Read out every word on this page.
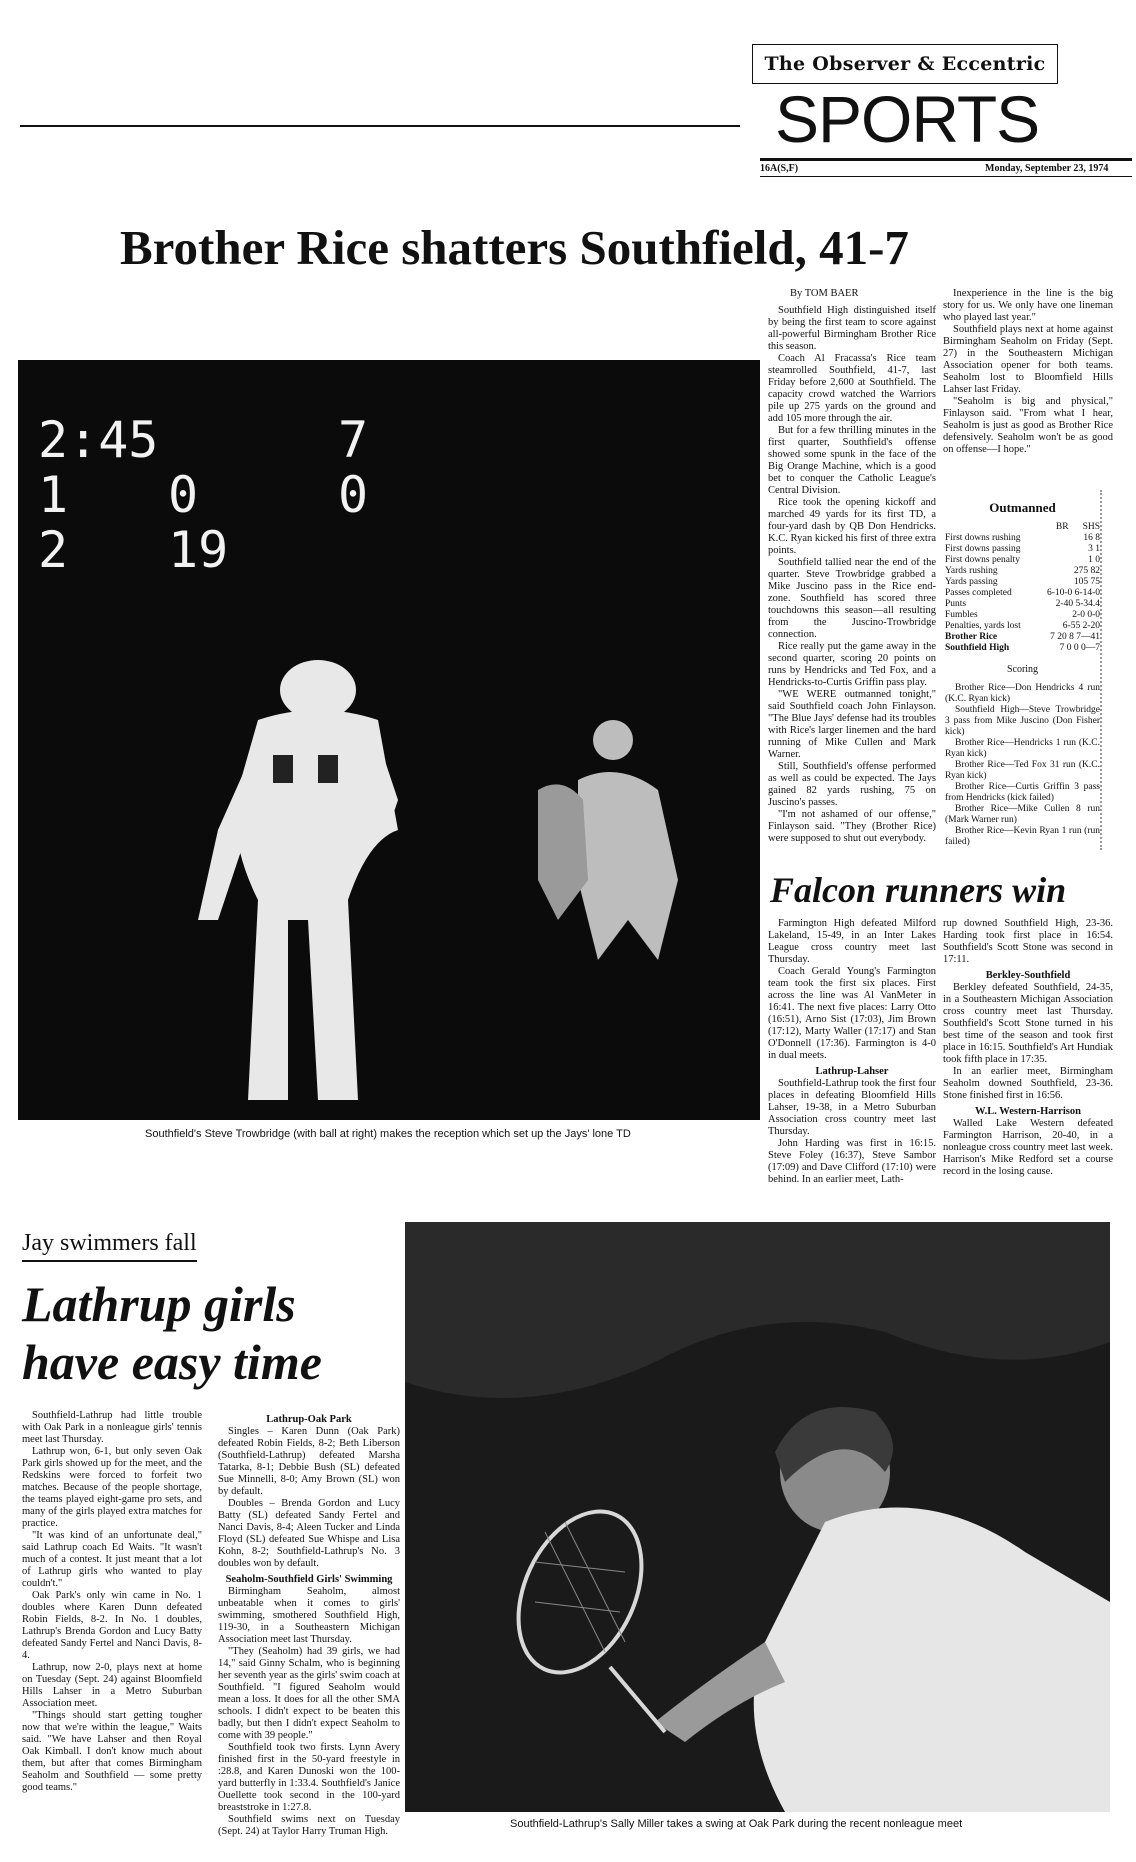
The Observer & Eccentric
SPORTS
16A(S,F)	Monday, September 23, 1974
Brother Rice shatters Southfield, 41-7
2:45	7
1 0	0
2 19
Southfield's Steve Trowbridge (with ball at right) makes the reception which set up the Jays' lone TD
By TOM BAER

Southfield High distinguished itself by being the first team to score against all-powerful Birmingham Brother Rice this season.

Coach Al Fracassa's Rice team steamrolled Southfield, 41-7, last Friday before 2,600 at Southfield. The capacity crowd watched the Warriors pile up 275 yards on the ground and add 105 more through the air.

But for a few thrilling minutes in the first quarter, Southfield's offense showed some spunk in the face of the Big Orange Machine, which is a good bet to conquer the Catholic League's Central Division.

Rice took the opening kickoff and marched 49 yards for its first TD, a four-yard dash by QB Don Hendricks. K.C. Ryan kicked his first of three extra points.

Southfield tallied near the end of the quarter. Steve Trowbridge grabbed a Mike Juscino pass in the Rice end-zone. Southfield has scored three touchdowns this season—all resulting from the Juscino-Trowbridge connection.

Rice really put the game away in the second quarter, scoring 20 points on runs by Hendricks and Ted Fox, and a Hendricks-to-Curtis Griffin pass play.

"WE WERE outmanned tonight," said Southfield coach John Finlayson. "The Blue Jays' defense had its troubles with Rice's larger linemen and the hard running of Mike Cullen and Mark Warner.

Still, Southfield's offense performed as well as could be expected. The Jays gained 82 yards rushing, 75 on Juscino's passes.

"I'm not ashamed of our offense," Finlayson said. "They (Brother Rice) were supposed to shut out everybody.

Inexperience in the line is the big story for us. We only have one lineman who played last year."

Southfield plays next at home against Birmingham Seaholm on Friday (Sept. 27) in the Southeastern Michigan Association opener for both teams. Seaholm lost to Bloomfield Hills Lahser last Friday.

"Seaholm is big and physical," Finlayson said. "From what I hear, Seaholm is just as good as Brother Rice defensively. Seaholm won't be as good on offense—I hope."

Outmanned
BR SHS
First downs rushing	16 8
First downs passing	3 1
First downs penalty	1 0
Yards rushing	275 82
Yards passing	105 75
Passes completed	6-10-0 6-14-0
Punts	2-40 5-34.4
Fumbles	2-0 0-0
Penalties, yards lost	6-55 2-20
Brother Rice	7 20 8 7—41
Southfield High	7 0 0 0—7
Scoring

Brother Rice—Don Hendricks 4 run (K.C. Ryan kick)

Southfield High—Steve Trowbridge 3 pass from Mike Juscino (Don Fisher kick)

Brother Rice—Hendricks 1 run (K.C. Ryan kick)

Brother Rice—Ted Fox 31 run (K.C. Ryan kick)

Brother Rice—Curtis Griffin 3 pass from Hendricks (kick failed)

Brother Rice—Mike Cullen 8 run (Mark Warner run)

Brother Rice—Kevin Ryan 1 run (run failed)

Falcon runners win

Farmington High defeated Milford Lakeland, 15-49, in an Inter Lakes League cross country meet last Thursday.

Coach Gerald Young's Farmington team took the first six places. First across the line was Al VanMeter in 16:41. The next five places: Larry Otto (16:51), Arno Sist (17:03), Jim Brown (17:12), Marty Waller (17:17) and Stan O'Donnell (17:36). Farmington is 4-0 in dual meets.

Lathrup-Lahser

Southfield-Lathrup took the first four places in defeating Bloomfield Hills Lahser, 19-38, in a Metro Suburban Association cross country meet last Thursday.

John Harding was first in 16:15. Steve Foley (16:37), Steve Sambor (17:09) and Dave Clifford (17:10) were behind. In an earlier meet, Lath-

rup downed Southfield High, 23-36. Harding took first place in 16:54. Southfield's Scott Stone was second in 17:11.

Berkley-Southfield

Berkley defeated Southfield, 24-35, in a Southeastern Michigan Association cross country meet last Thursday. Southfield's Scott Stone turned in his best time of the season and took first place in 16:15. Southfield's Art Hundiak took fifth place in 17:35.

In an earlier meet, Birmingham Seaholm downed Southfield, 23-36. Stone finished first in 16:56.

W.L. Western-Harrison

Walled Lake Western defeated Farmington Harrison, 20-40, in a nonleague cross country meet last week. Harrison's Mike Redford set a course record in the losing cause.

Jay swimmers fall
Lathrup girls
have easy time

Southfield-Lathrup had little trouble with Oak Park in a nonleague girls' tennis meet last Thursday.

Lathrup won, 6-1, but only seven Oak Park girls showed up for the meet, and the Redskins were forced to forfeit two matches. Because of the people shortage, the teams played eight-game pro sets, and many of the girls played extra matches for practice.

"It was kind of an unfortunate deal," said Lathrup coach Ed Waits. "It wasn't much of a contest. It just meant that a lot of Lathrup girls who wanted to play couldn't."

Oak Park's only win came in No. 1 doubles where Karen Dunn defeated Robin Fields, 8-2. In No. 1 doubles, Lathrup's Brenda Gordon and Lucy Batty defeated Sandy Fertel and Nanci Davis, 8-4.

Lathrup, now 2-0, plays next at home on Tuesday (Sept. 24) against Bloomfield Hills Lahser in a Metro Suburban Association meet.

"Things should start getting tougher now that we're within the league," Waits said. "We have Lahser and then Royal Oak Kimball. I don't know much about them, but after that comes Birmingham Seaholm and Southfield — some pretty good teams."

Lathrup-Oak Park

Singles – Karen Dunn (Oak Park) defeated Robin Fields, 8-2; Beth Liberson (Southfield-Lathrup) defeated Marsha Tatarka, 8-1; Debbie Bush (SL) defeated Sue Minnelli, 8-0; Amy Brown (SL) won by default.

Doubles – Brenda Gordon and Lucy Batty (SL) defeated Sandy Fertel and Nanci Davis, 8-4; Aleen Tucker and Linda Floyd (SL) defeated Sue Whispe and Lisa Kohn, 8-2; Southfield-Lathrup's No. 3 doubles won by default.

Seaholm-Southfield Girls' Swimming

Birmingham Seaholm, almost unbeatable when it comes to girls' swimming, smothered Southfield High, 119-30, in a Southeastern Michigan Association meet last Thursday.

"They (Seaholm) had 39 girls, we had 14," said Ginny Schalm, who is beginning her seventh year as the girls' swim coach at Southfield. "I figured Seaholm would mean a loss. It does for all the other SMA schools. I didn't expect to be beaten this badly, but then I didn't expect Seaholm to come with 39 people."

Southfield took two firsts. Lynn Avery finished first in the 50-yard freestyle in :28.8, and Karen Dunoski won the 100-yard butterfly in 1:33.4. Southfield's Janice Ouellette took second in the 100-yard breaststroke in 1:27.8.

Southfield swims next on Tuesday (Sept. 24) at Taylor Harry Truman High.

Southfield-Lathrup's Sally Miller takes a swing at Oak Park during the recent nonleague meet
